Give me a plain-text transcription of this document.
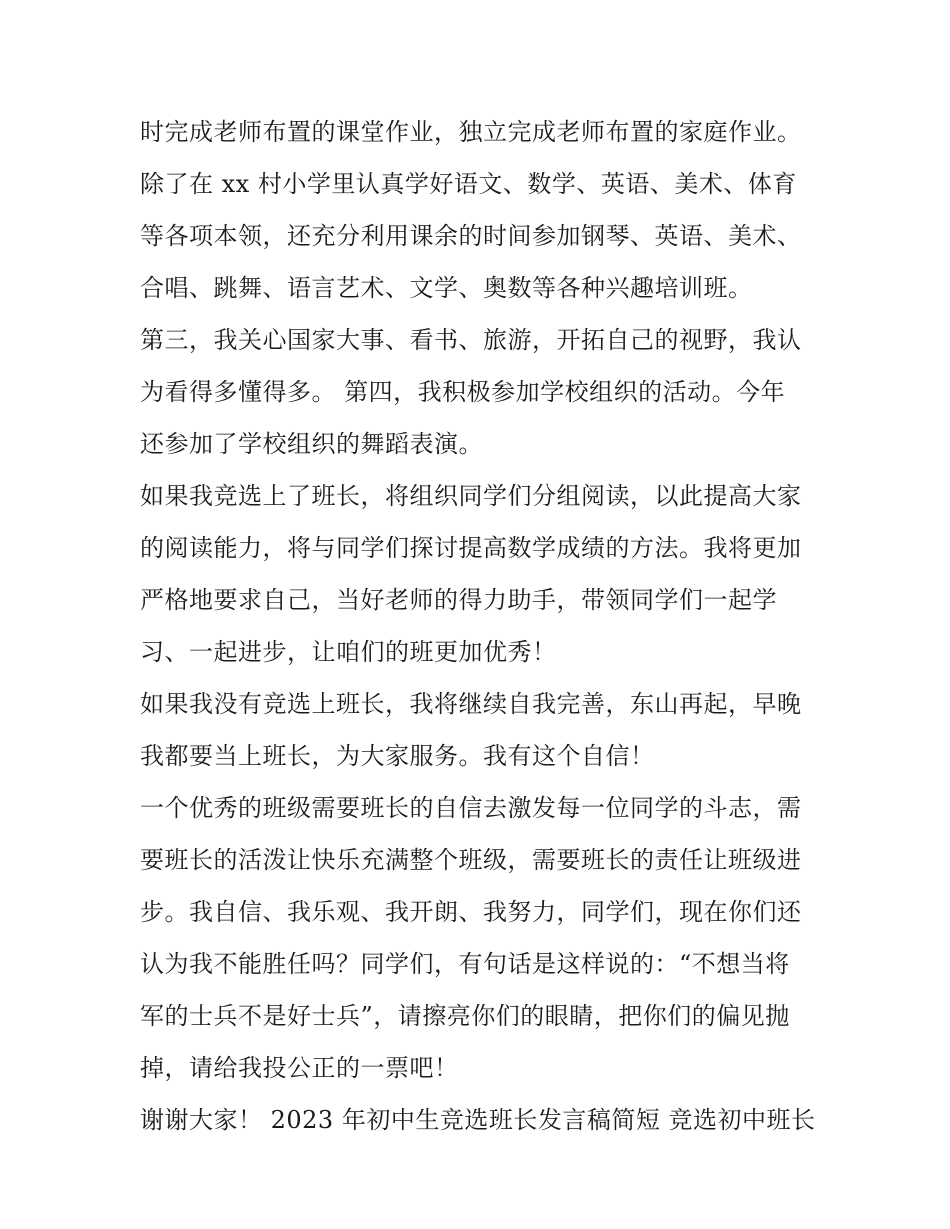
时完成老师布置的课堂作业，独立完成老师布置的家庭作业。
除了在 xx 村小学里认真学好语文、数学、英语、美术、体育
等各项本领，还充分利用课余的时间参加钢琴、英语、美术、
合唱、跳舞、语言艺术、文学、奥数等各种兴趣培训班。
第三，我关心国家大事、看书、旅游，开拓自己的视野，我认
为看得多懂得多。 第四，我积极参加学校组织的活动。今年
还参加了学校组织的舞蹈表演。
如果我竞选上了班长，将组织同学们分组阅读，以此提高大家
的阅读能力，将与同学们探讨提高数学成绩的方法。我将更加
严格地要求自己，当好老师的得力助手，带领同学们一起学
习、一起进步，让咱们的班更加优秀！
如果我没有竞选上班长，我将继续自我完善，东山再起，早晚
我都要当上班长，为大家服务。我有这个自信！
一个优秀的班级需要班长的自信去激发每一位同学的斗志，需
要班长的活泼让快乐充满整个班级，需要班长的责任让班级进
步。我自信、我乐观、我开朗、我努力，同学们，现在你们还
认为我不能胜任吗？同学们，有句话是这样说的：“不想当将
军的士兵不是好士兵”，请擦亮你们的眼睛，把你们的偏见抛
掉，请给我投公正的一票吧！
谢谢大家！ 2023 年初中生竞选班长发言稿简短 竞选初中班长
